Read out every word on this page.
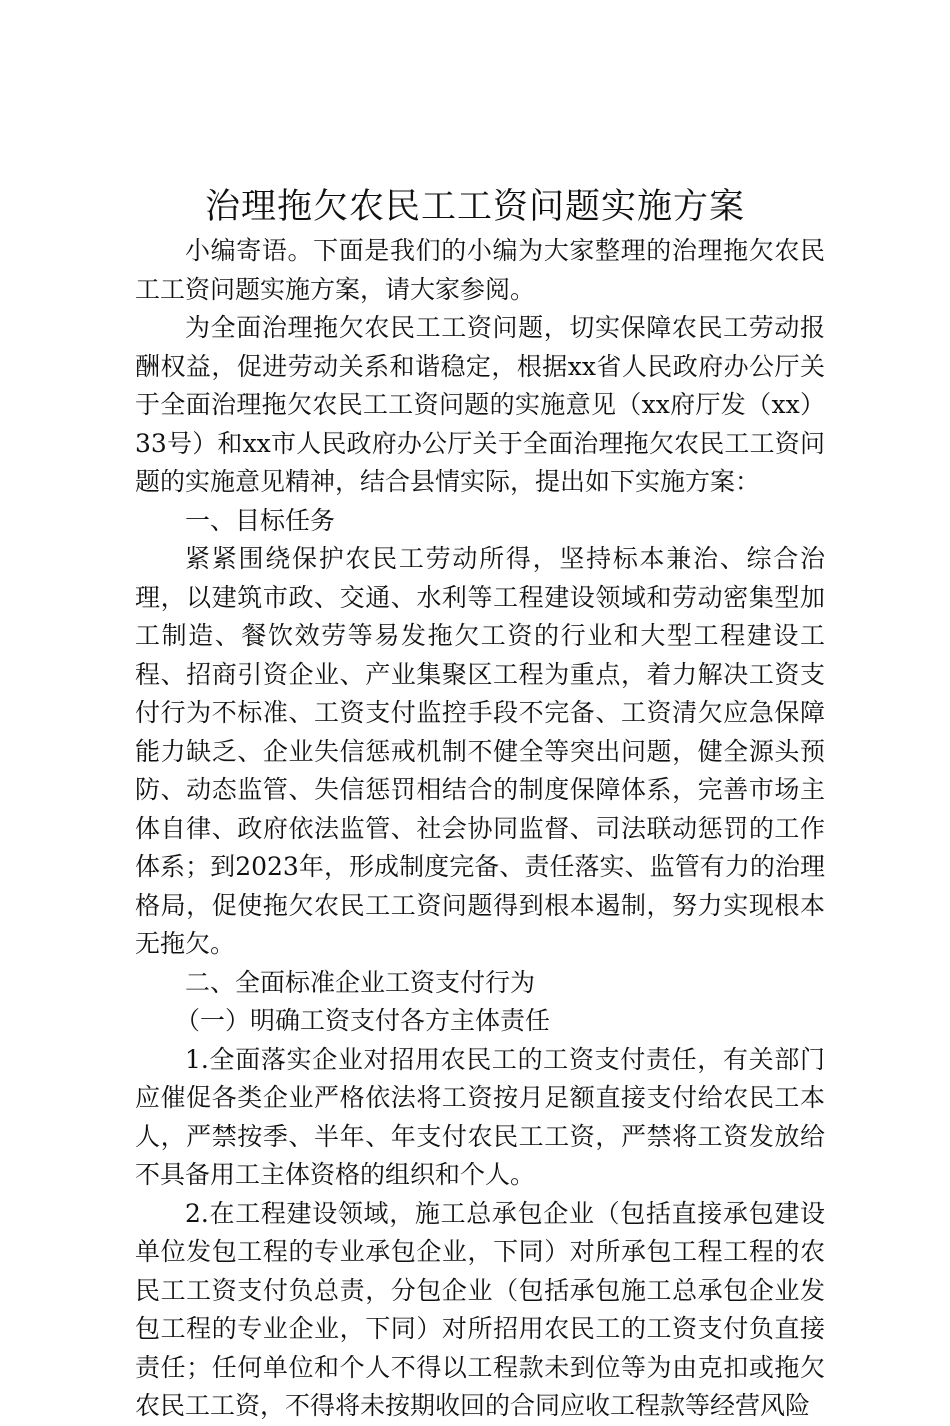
治理拖欠农民工工资问题实施方案

小编寄语。下面是我们的小编为大家整理的治理拖欠农民工工资问题实施方案，请大家参阅。

为全面治理拖欠农民工工资问题，切实保障农民工劳动报酬权益，促进劳动关系和谐稳定，根据xx省人民政府办公厅关于全面治理拖欠农民工工资问题的实施意见（xx府厅发（xx）33号）和xx市人民政府办公厅关于全面治理拖欠农民工工资问题的实施意见精神，结合县情实际，提出如下实施方案：

一、目标任务

紧紧围绕保护农民工劳动所得，坚持标本兼治、综合治理，以建筑市政、交通、水利等工程建设领域和劳动密集型加工制造、餐饮效劳等易发拖欠工资的行业和大型工程建设工程、招商引资企业、产业集聚区工程为重点，着力解决工资支付行为不标准、工资支付监控手段不完备、工资清欠应急保障能力缺乏、企业失信惩戒机制不健全等突出问题，健全源头预防、动态监管、失信惩罚相结合的制度保障体系，完善市场主体自律、政府依法监管、社会协同监督、司法联动惩罚的工作体系；到2023年，形成制度完备、责任落实、监管有力的治理格局，促使拖欠农民工工资问题得到根本遏制，努力实现根本无拖欠。

二、全面标准企业工资支付行为

（一）明确工资支付各方主体责任

1.全面落实企业对招用农民工的工资支付责任，有关部门应催促各类企业严格依法将工资按月足额直接支付给农民工本人，严禁按季、半年、年支付农民工工资，严禁将工资发放给不具备用工主体资格的组织和个人。

2.在工程建设领域，施工总承包企业（包括直接承包建设单位发包工程的专业承包企业，下同）对所承包工程工程的农民工工资支付负总责，分包企业（包括承包施工总承包企业发包工程的专业企业，下同）对所招用农民工的工资支付负直接责任；任何单位和个人不得以工程款未到位等为由克扣或拖欠农民工工资，不得将未按期收回的合同应收工程款等经营风险
